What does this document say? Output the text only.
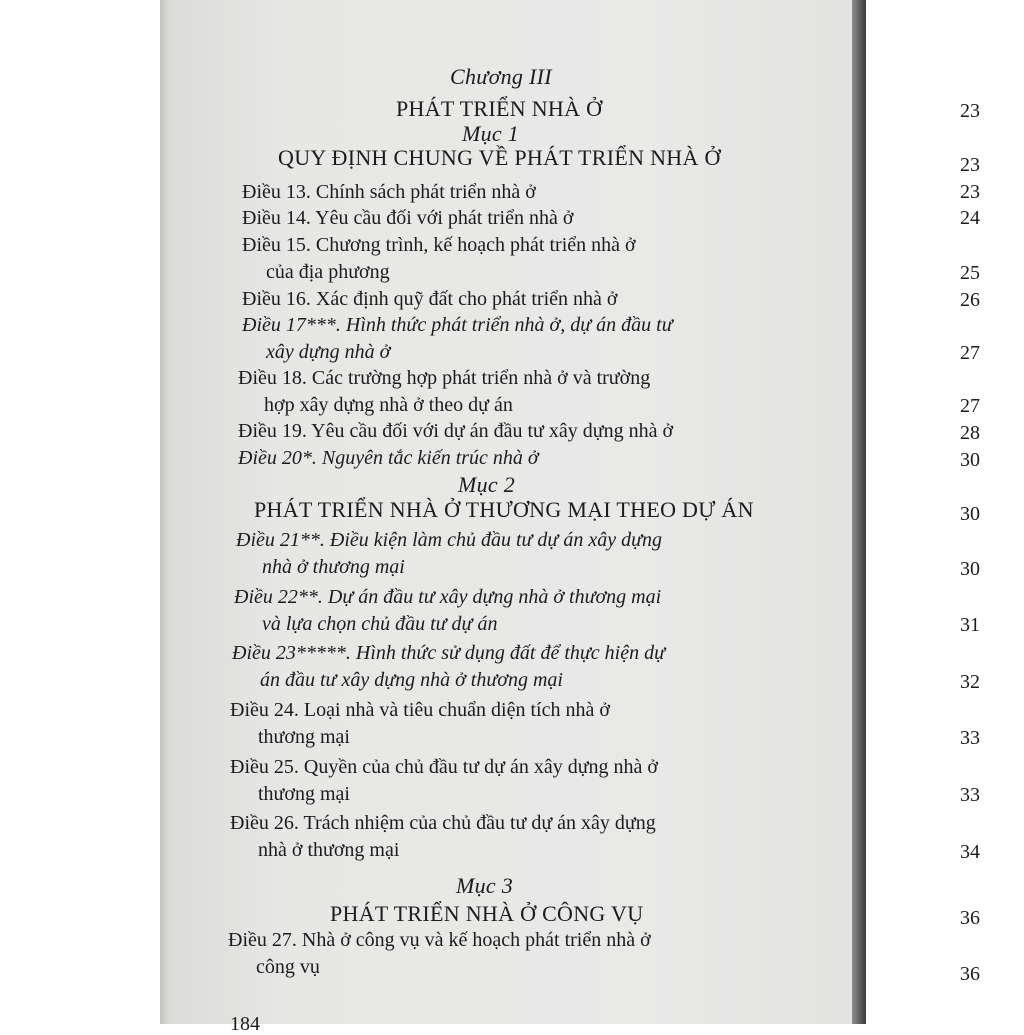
Chương III
PHÁT TRIỂN NHÀ Ở	23
Mục 1
QUY ĐỊNH CHUNG VỀ PHÁT TRIỂN NHÀ Ở	23
Điều 13. Chính sách phát triển nhà ở	23
Điều 14. Yêu cầu đối với phát triển nhà ở	24
Điều 15. Chương trình, kế hoạch phát triển nhà ở
của địa phương	25
Điều 16. Xác định quỹ đất cho phát triển nhà ở	26
Điều 17***. Hình thức phát triển nhà ở, dự án đầu tư
xây dựng nhà ở	27
Điều 18. Các trường hợp phát triển nhà ở và trường
hợp xây dựng nhà ở theo dự án	27
Điều 19. Yêu cầu đối với dự án đầu tư xây dựng nhà ở	28
Điều 20*. Nguyên tắc kiến trúc nhà ở	30
Mục 2
PHÁT TRIỂN NHÀ Ở THƯƠNG MẠI THEO DỰ ÁN	30
Điều 21**. Điều kiện làm chủ đầu tư dự án xây dựng
nhà ở thương mại	30
Điều 22**. Dự án đầu tư xây dựng nhà ở thương mại
và lựa chọn chủ đầu tư dự án	31
Điều 23*****. Hình thức sử dụng đất để thực hiện dự
án đầu tư xây dựng nhà ở thương mại	32
Điều 24. Loại nhà và tiêu chuẩn diện tích nhà ở
thương mại	33
Điều 25. Quyền của chủ đầu tư dự án xây dựng nhà ở
thương mại	33
Điều 26. Trách nhiệm của chủ đầu tư dự án xây dựng
nhà ở thương mại	34
Mục 3
PHÁT TRIỂN NHÀ Ở CÔNG VỤ	36
Điều 27. Nhà ở công vụ và kế hoạch phát triển nhà ở
công vụ	36
184
